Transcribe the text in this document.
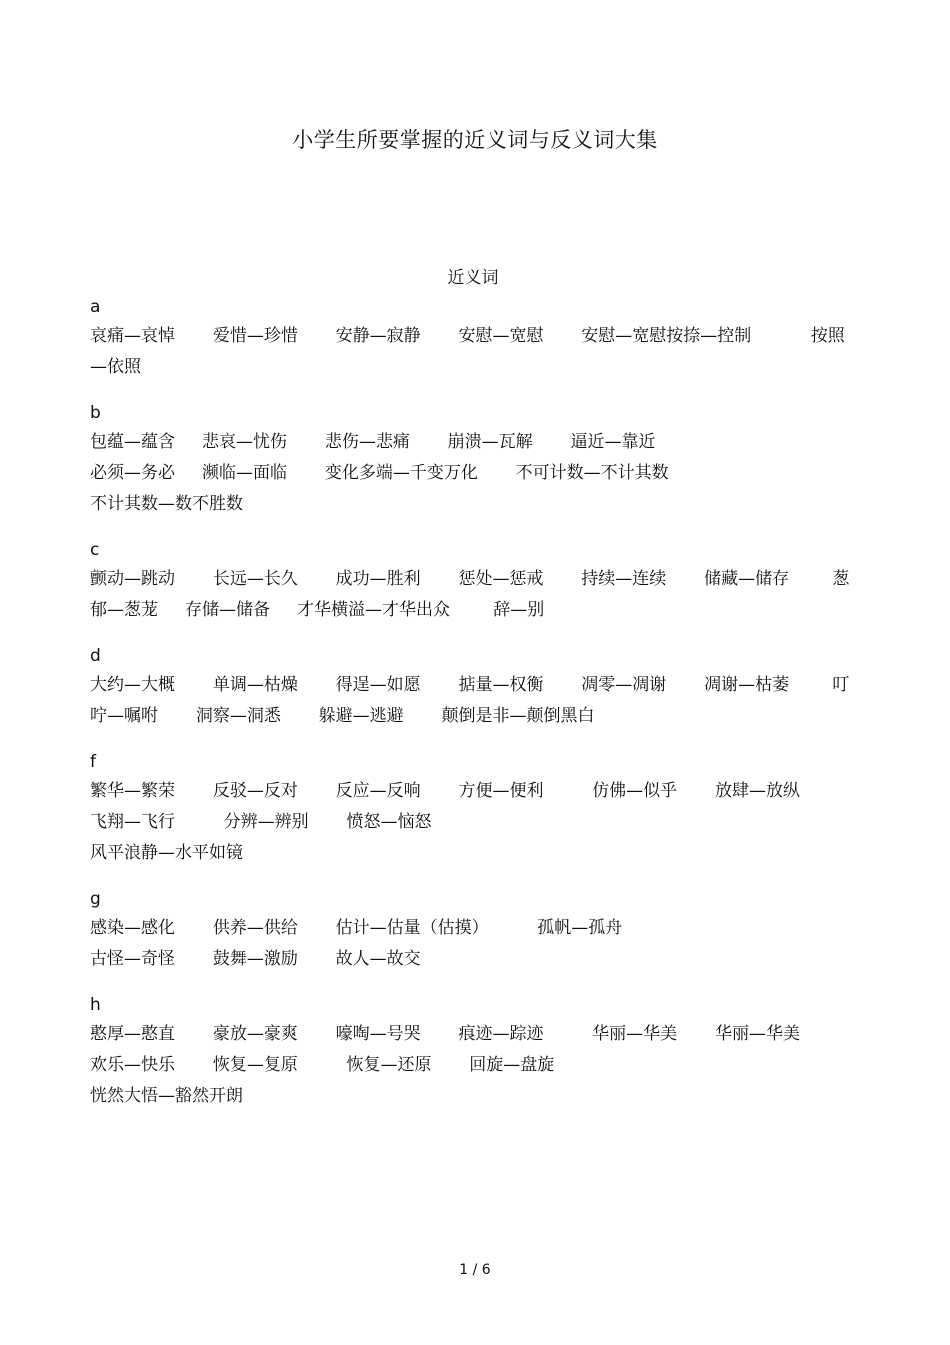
小学生所要掌握的近义词与反义词大集
近义词
a
哀痛—哀悼       爱惜—珍惜       安静—寂静       安慰—宽慰       安慰—宽慰按捺—控制           按照
—依照
b
包蕴—蕴含     悲哀—忧伤       悲伤—悲痛       崩溃—瓦解       逼近—靠近
必须—务必     濒临—面临       变化多端—千变万化       不可计数—不计其数
不计其数—数不胜数
c
颤动—跳动       长远—长久       成功—胜利       惩处—惩戒       持续—连续       储藏—储存        葱
郁—葱茏     存储—储备     才华横溢—才华出众        辞—别
d
大约—大概       单调—枯燥       得逞—如愿       掂量—权衡       凋零—凋谢       凋谢—枯萎        叮
咛—嘱咐       洞察—洞悉       躲避—逃避       颠倒是非—颠倒黑白
f
繁华—繁荣       反驳—反对       反应—反响       方便—便利         仿佛—似乎       放肆—放纵
飞翔—飞行         分辨—辨别       愤怒—恼怒
风平浪静—水平如镜
g
感染—感化       供养—供给       估计—估量（估摸）         孤帆—孤舟
古怪—奇怪       鼓舞—激励       故人—故交
h
憨厚—憨直       豪放—豪爽       嚎啕—号哭       痕迹—踪迹         华丽—华美       华丽—华美
欢乐—快乐       恢复—复原         恢复—还原       回旋—盘旋
恍然大悟—豁然开朗
1 / 6
